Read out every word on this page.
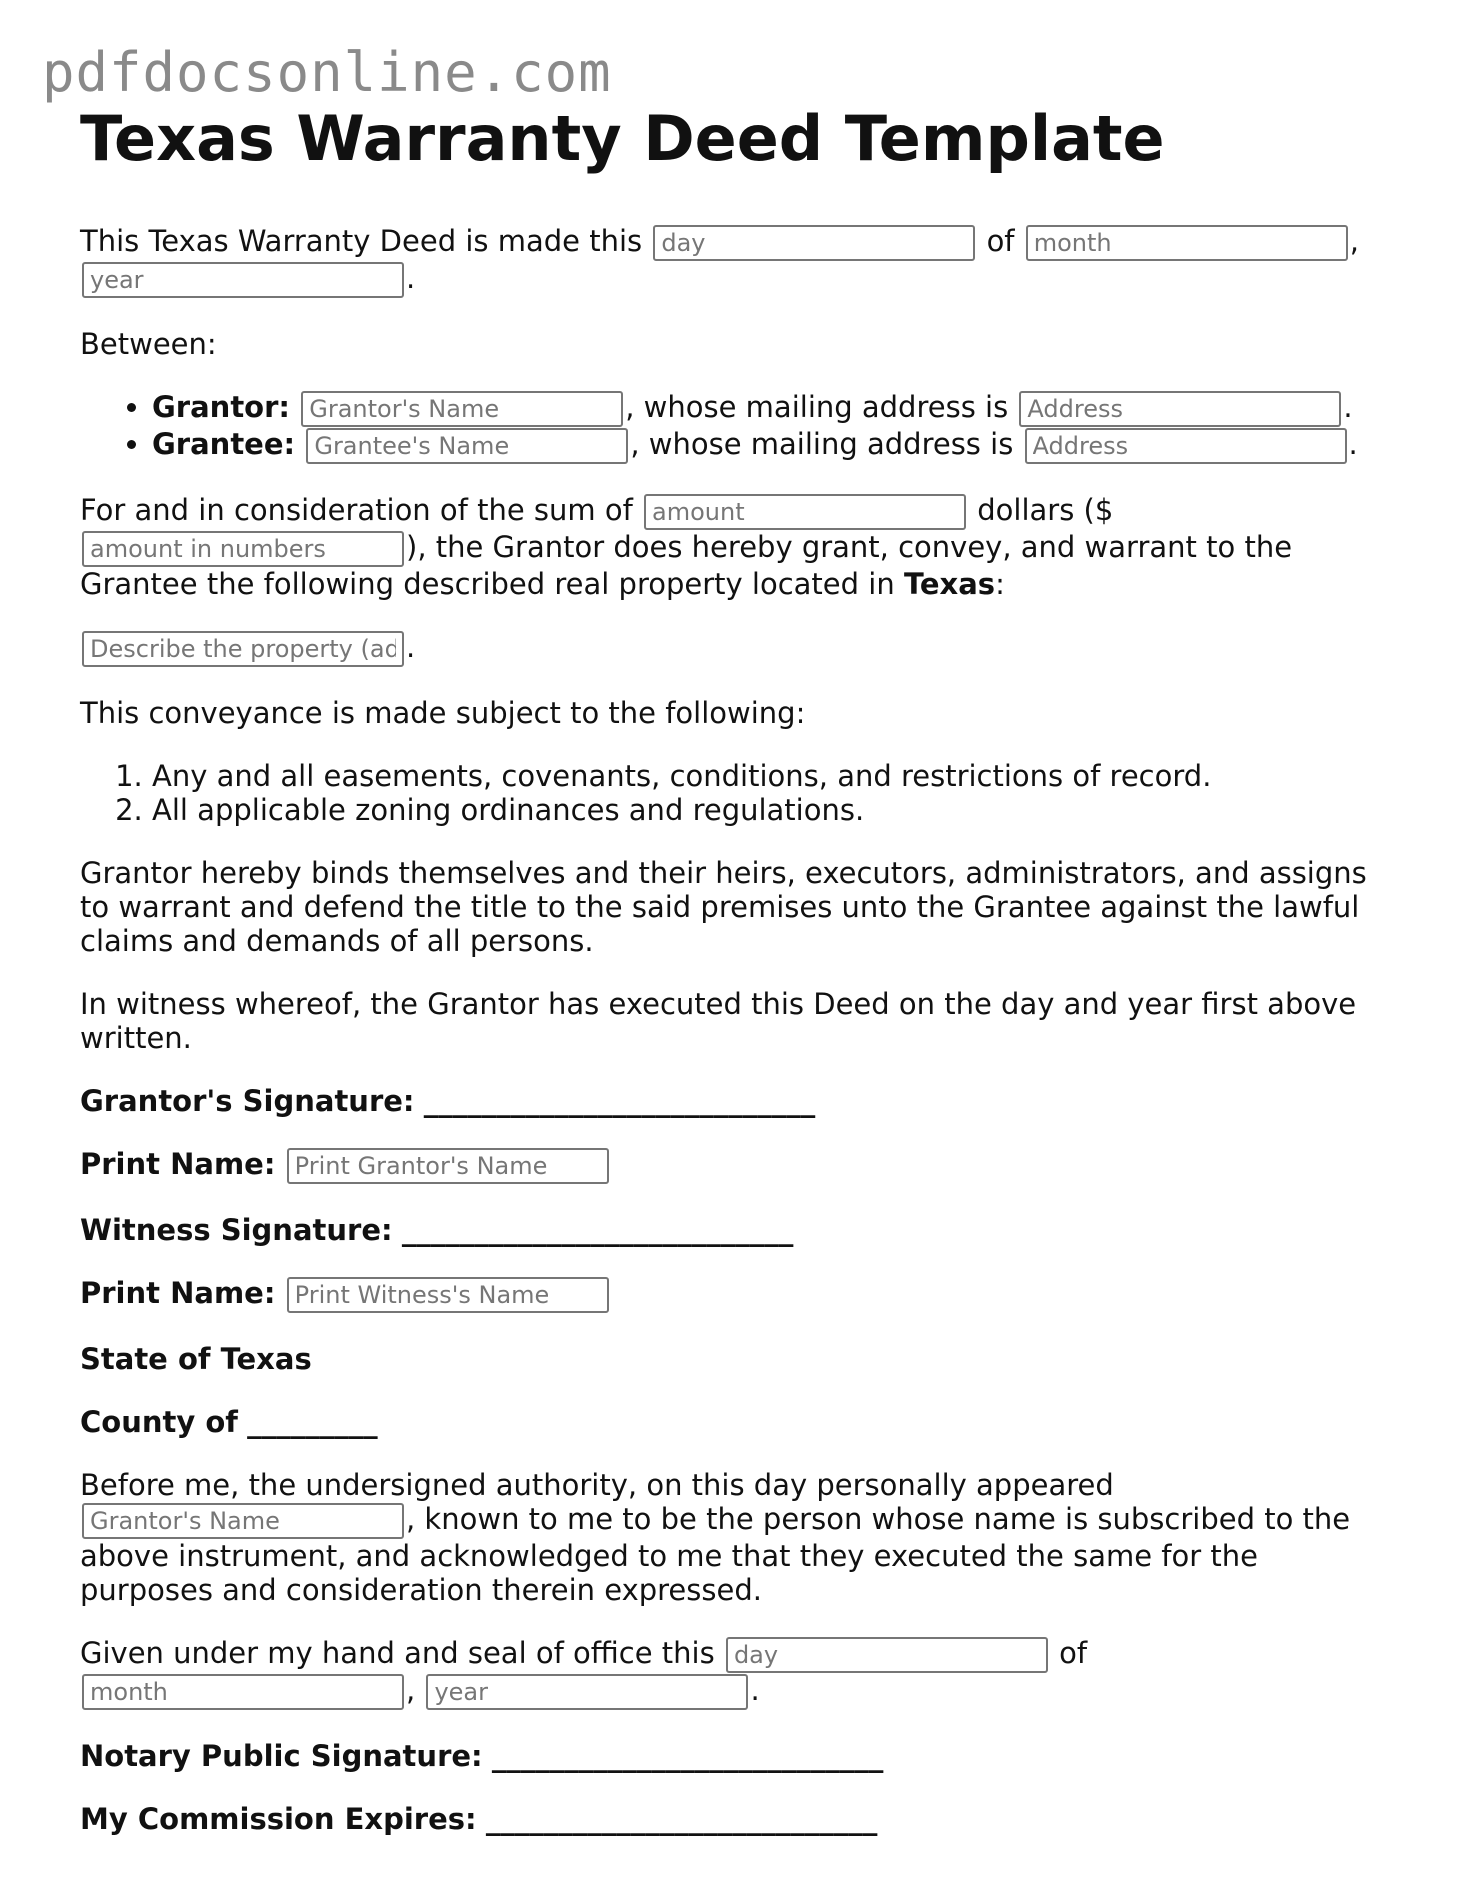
pdfdocsonline.com
Texas Warranty Deed Template

This Texas Warranty Deed is made this day	of month	, year.

Between:

• Grantor: Grantor's Name	, whose mailing address is Address	.
• Grantee: Grantee's Name	, whose mailing address is Address	.

For and in consideration of the sum of amount	dollars ($ amount in numbers), the Grantor does hereby grant, convey, and warrant to the Grantee the following described real property located in Texas:

Describe the property (address, legal description).

This conveyance is made subject to the following:

1. Any and all easements, covenants, conditions, and restrictions of record.
2. All applicable zoning ordinances and regulations.

Grantor hereby binds themselves and their heirs, executors, administrators, and assigns to warrant and defend the title to the said premises unto the Grantee against the lawful claims and demands of all persons.

In witness whereof, the Grantor has executed this Deed on the day and year first above written.

Grantor's Signature: ___________________________

Print Name: Print Grantor's Name

Witness Signature: ___________________________

Print Name: Print Witness's Name

State of Texas

County of _________

Before me, the undersigned authority, on this day personally appeared Grantor's Name, known to me to be the person whose name is subscribed to the above instrument, and acknowledged to me that they executed the same for the purposes and consideration therein expressed.

Given under my hand and seal of office this day	of month, year	.

Notary Public Signature: ___________________________

My Commission Expires: ___________________________
